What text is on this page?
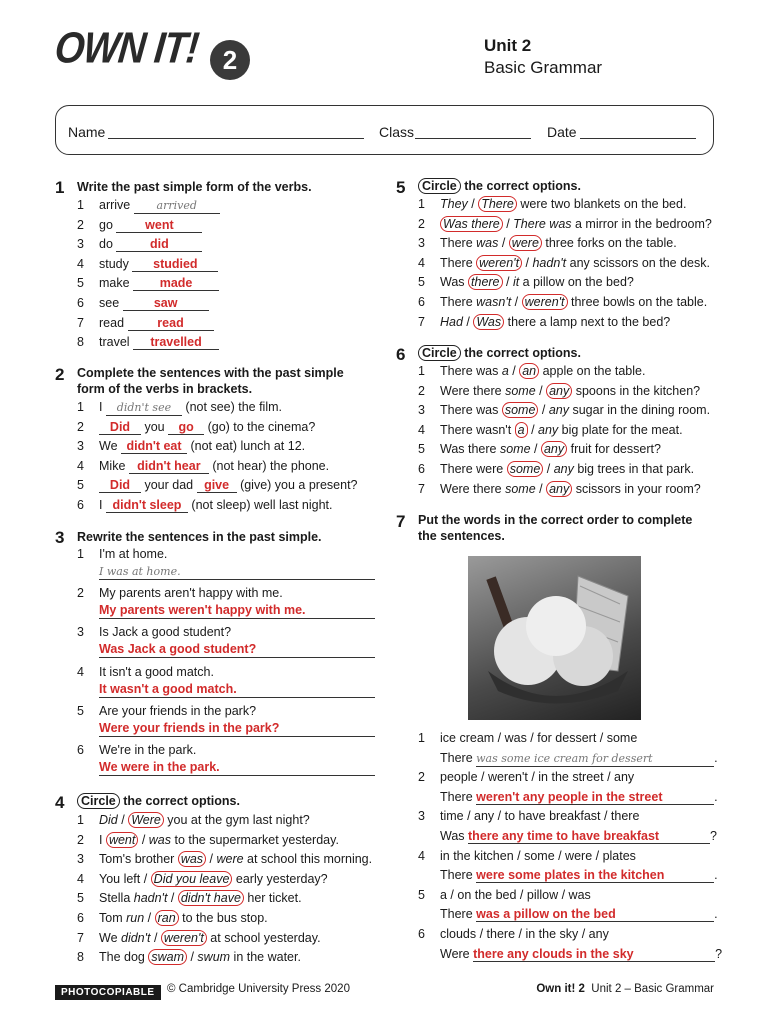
OWN IT! 2	Unit 2
Basic Grammar
Name	Class	Date
1 Write the past simple form of the verbs.
1	arrive arrived
2	go went
3	do	did
4	study studied
5	make made
6	see saw
7	read read
8	travel travelled
2 Complete the sentences with the past simple
form of the verbs in brackets.
1	I didn't see (not see) the film.
2	Did you go (go) to the cinema?
3	We didn't eat (not eat) lunch at 12.
4	Mike didn't hear (not hear) the phone.
5	Did your dad give (give) you a present?
6	I didn't sleep (not sleep) well last night.
3 Rewrite the sentences in the past simple.
1	I'm at home.
I was at home.
2	My parents aren't happy with me.
My parents weren't happy with me.
3	Is Jack a good student?
Was Jack a good student?
4	It isn't a good match.
It wasn't a good match.
5	Are your friends in the park?
Were your friends in the park?
6	We're in the park.
We were in the park.
4	Circle the correct options.
1	Did / Were you at the gym last night?
2	I went / was to the supermarket yesterday.
3	Tom's brother was / were at school this morning.
4	You left / Did you leave early yesterday?
5	Stella hadn't / didn't have her ticket.
6	Tom run / ran to the bus stop.
7	We didn't / weren't at school yesterday.
8	The dog swam / swum in the water.
5	Circle the correct options.
1	They / There were two blankets on the bed.
2	Was there / There was a mirror in the bedroom?
3	There was / were three forks on the table.
4	There weren't / hadn't any scissors on the desk.
5	Was there / it a pillow on the bed?
6	There wasn't / weren't three bowls on the table.
7	Had / Was there a lamp next to the bed?
6	Circle the correct options.
1	There was a / an apple on the table.
2	Were there some / any spoons in the kitchen?
3	There was some / any sugar in the dining room.
4	There wasn't a / any big plate for the meat.
5	Was there some / any fruit for dessert?
6	There were some / any big trees in that park.
7	Were there some / any scissors in your room?
7 Put the words in the correct order to complete
the sentences.
1	ice cream / was / for dessert / some
There was some ice cream for dessert	.
2	people / weren't / in the street / any
There weren't any people in the street	.
3	time / any / to have breakfast / there
Was there any time to have breakfast	?
4	in the kitchen / some / were / plates
There were some plates in the kitchen	.
5	a / on the bed / pillow / was
There was a pillow on the bed	.
6	clouds / there / in the sky / any
Were there any clouds in the sky	?
PHOTOCOPIABLE	© Cambridge University Press 2020	Own it! 2 Unit 2 – Basic Grammar
